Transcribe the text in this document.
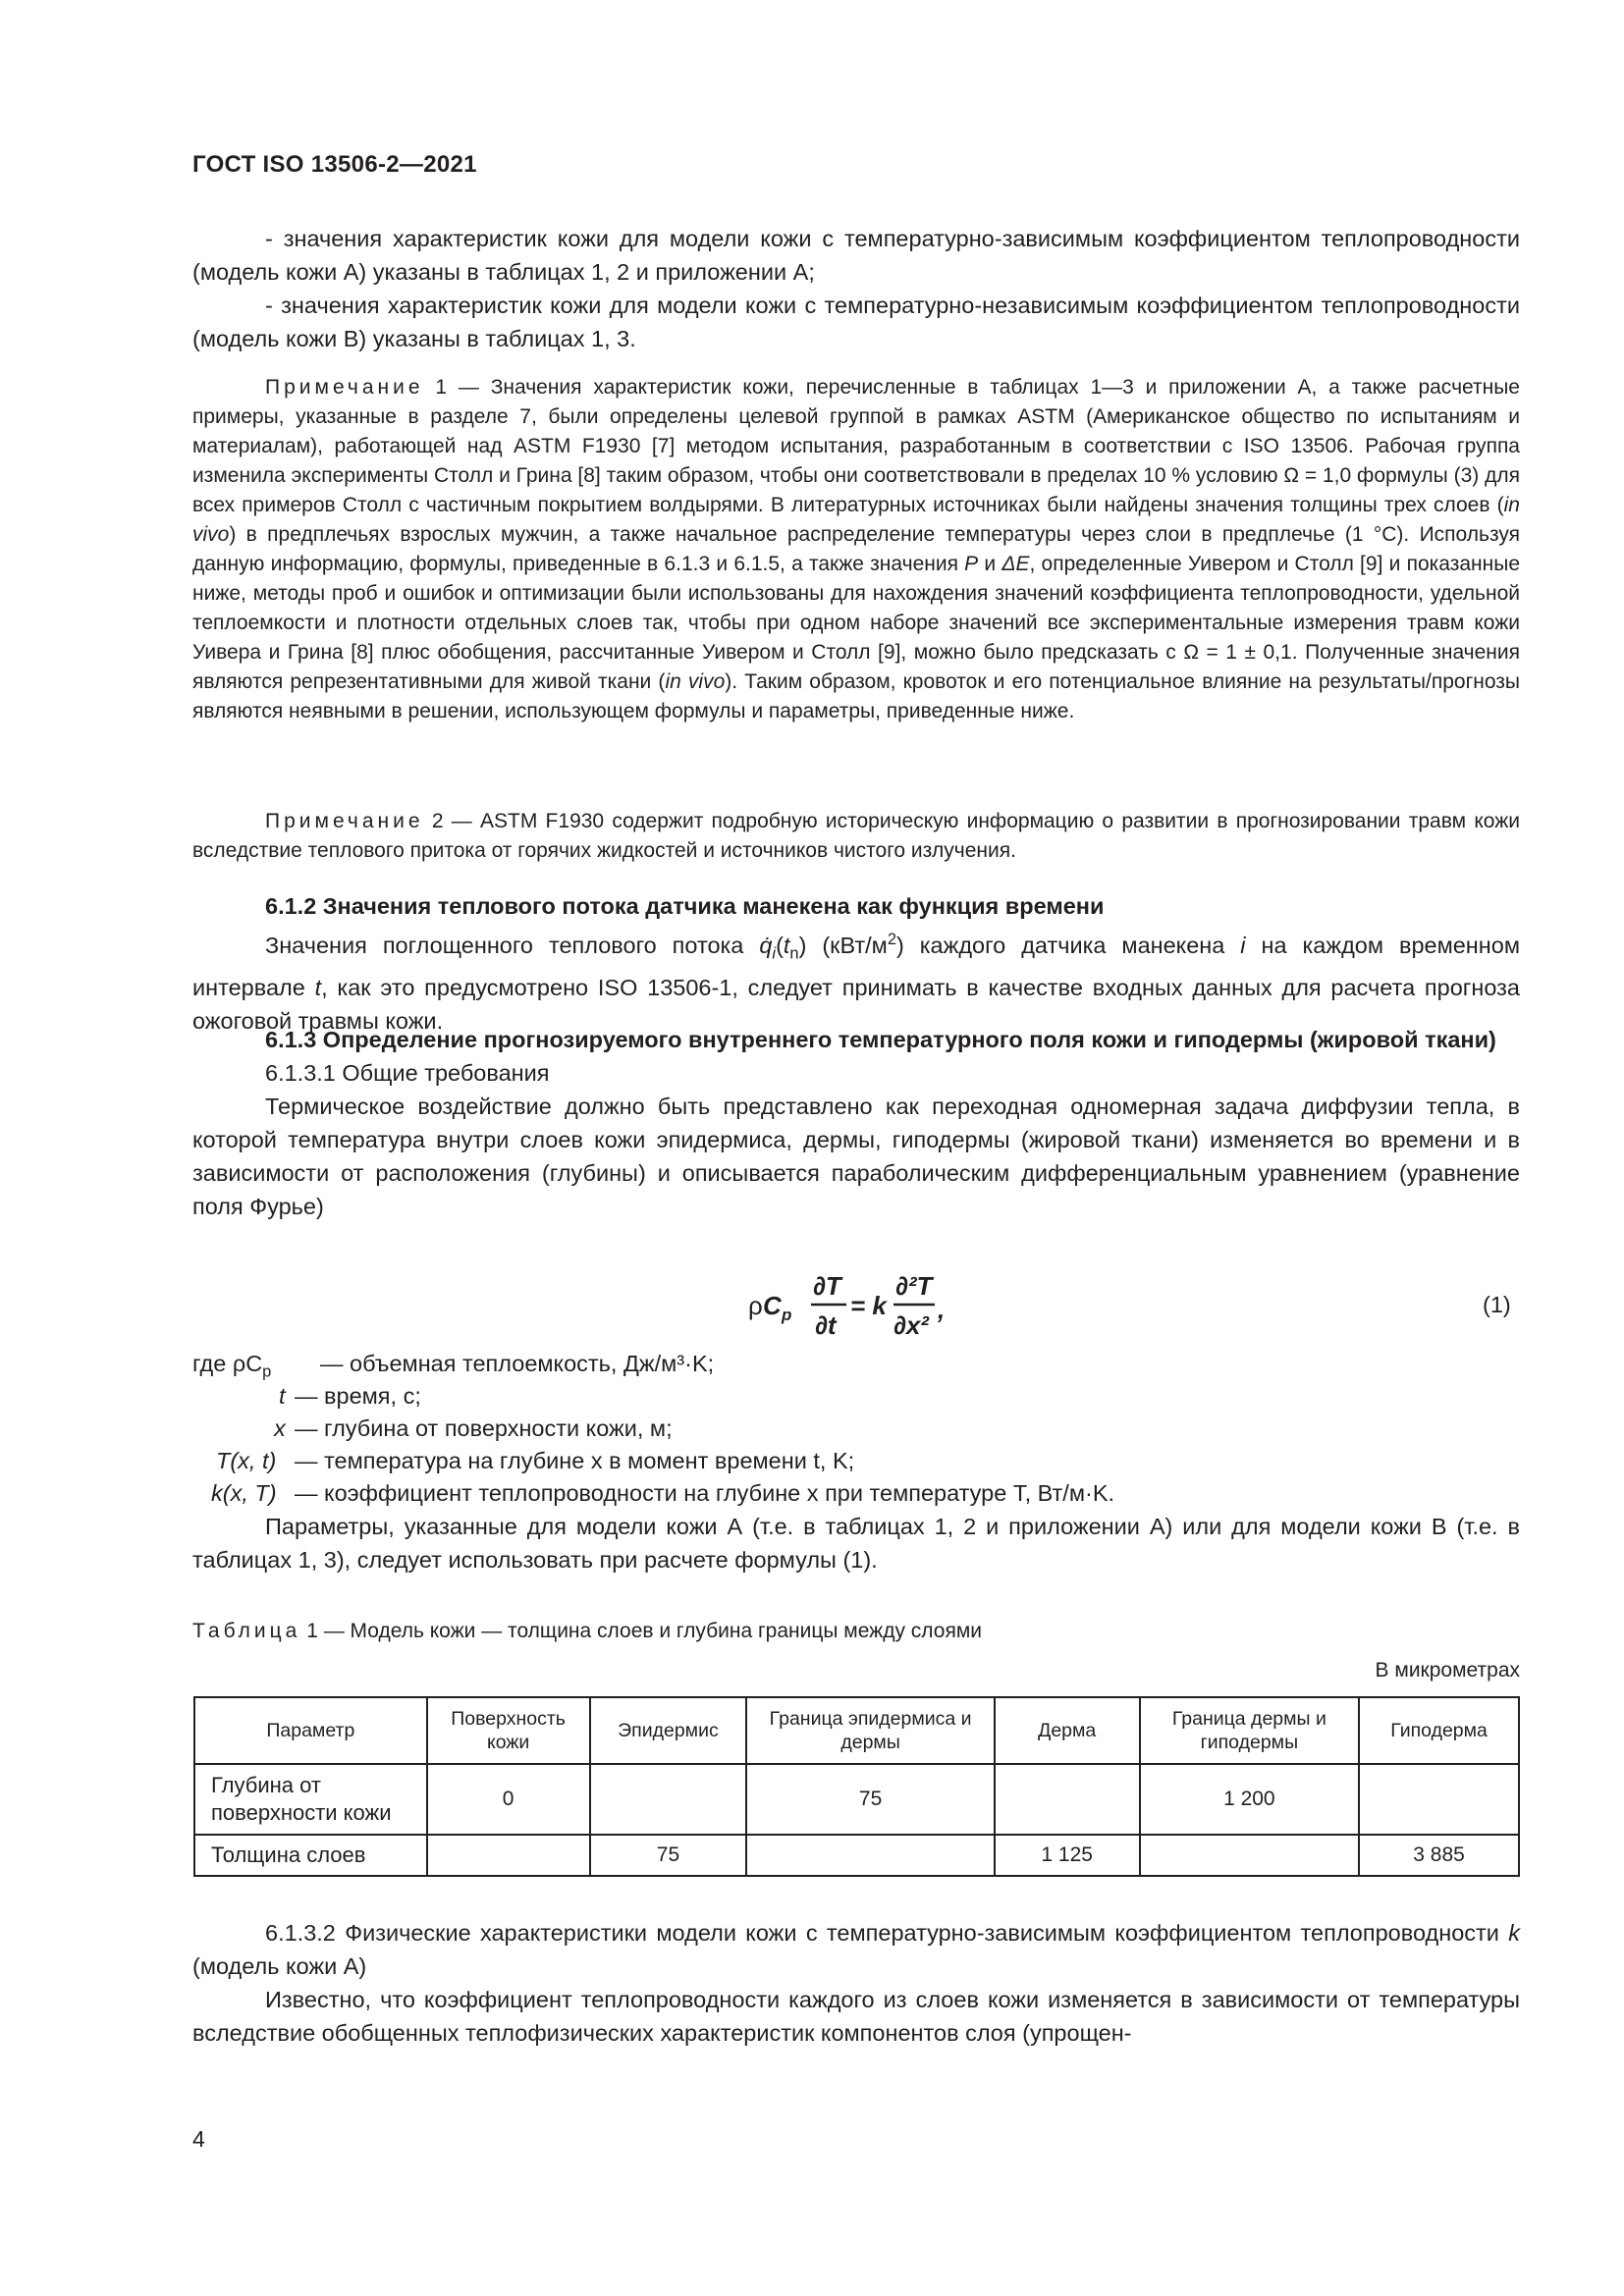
ГОСТ ISO 13506-2—2021

- значения характеристик кожи для модели кожи с температурно-зависимым коэффициентом теплопроводности (модель кожи А) указаны в таблицах 1, 2 и приложении А;

- значения характеристик кожи для модели кожи с температурно-независимым коэффициентом теплопроводности (модель кожи В) указаны в таблицах 1, 3.

Примечание 1 — Значения характеристик кожи, перечисленные в таблицах 1—3 и приложении А, а также расчетные примеры, указанные в разделе 7, были определены целевой группой в рамках ASTM (Американское общество по испытаниям и материалам), работающей над ASTM F1930 [7] методом испытания, разработанным в соответствии с ISO 13506. Рабочая группа изменила эксперименты Столл и Грина [8] таким образом, чтобы они соответствовали в пределах 10 % условию Ω = 1,0 формулы (3) для всех примеров Столл с частичным покрытием волдырями. В литературных источниках были найдены значения толщины трех слоев (in vivo) в предплечьях взрослых мужчин, а также начальное распределение температуры через слои в предплечье (1 °С). Используя данную информацию, формулы, приведенные в 6.1.3 и 6.1.5, а также значения Р и ΔE, определенные Уивером и Столл [9] и показанные ниже, методы проб и ошибок и оптимизации были использованы для нахождения значений коэффициента теплопроводности, удельной теплоемкости и плотности отдельных слоев так, чтобы при одном наборе значений все экспериментальные измерения травм кожи Уивера и Грина [8] плюс обобщения, рассчитанные Уивером и Столл [9], можно было предсказать с Ω = 1 ± 0,1. Полученные значения являются репрезентативными для живой ткани (in vivo). Таким образом, кровоток и его потенциальное влияние на результаты/прогнозы являются неявными в решении, использующем формулы и параметры, приведенные ниже.

Примечание 2 — ASTM F1930 содержит подробную историческую информацию о развитии в прогнозировании травм кожи вследствие теплового притока от горячих жидкостей и источников чистого излучения.

6.1.2 Значения теплового потока датчика манекена как функция времени

Значения поглощенного теплового потока $q̇_i(t_n)$ $(кВт/м^2)$ каждого датчика манекена i на каждом временном интервале t, как это предусмотрено ISO 13506-1, следует принимать в качестве входных данных для расчета прогноза ожоговой травмы кожи.

6.1.3 Определение прогнозируемого внутреннего температурного поля кожи и гиподермы (жировой ткани)

6.1.3.1 Общие требования

Термическое воздействие должно быть представлено как переходная одномерная задача диффузии тепла, в которой температура внутри слоев кожи эпидермиса, дермы, гиподермы (жировой ткани) изменяется во времени и в зависимости от расположения (глубины) и описывается параболическим дифференциальным уравнением (уравнение поля Фурье)

ρ C p
∂T
∂t
= k
∂²T
∂x²
,	(1)
где $\rho C_p$ — объемная теплоемкость, Дж/м³·K;
t — время, с;
x — глубина от поверхности кожи, м;
T(x, t) — температура на глубине x в момент времени t, K;
k(x, T) — коэффициент теплопроводности на глубине x при температуре T, Вт/м·K.

Параметры, указанные для модели кожи А (т.е. в таблицах 1, 2 и приложении А) или для модели кожи В (т.е. в таблицах 1, 3), следует использовать при расчете формулы (1).

Таблица 1 — Модель кожи — толщина слоев и глубина границы между слоями
В микрометрах
Параметр	Поверхность кожи	Эпидермис	Граница эпидермиса и дермы	Дерма	Граница дермы и гиподермы	Гиподерма
Глубина от поверхности кожи	0		75		1 200	
Толщина слоев		75		1 125		3 885

6.1.3.2 Физические характеристики модели кожи с температурно-зависимым коэффициентом теплопроводности k (модель кожи А)

Известно, что коэффициент теплопроводности каждого из слоев кожи изменяется в зависимости от температуры вследствие обобщенных теплофизических характеристик компонентов слоя (упрощен-

4
